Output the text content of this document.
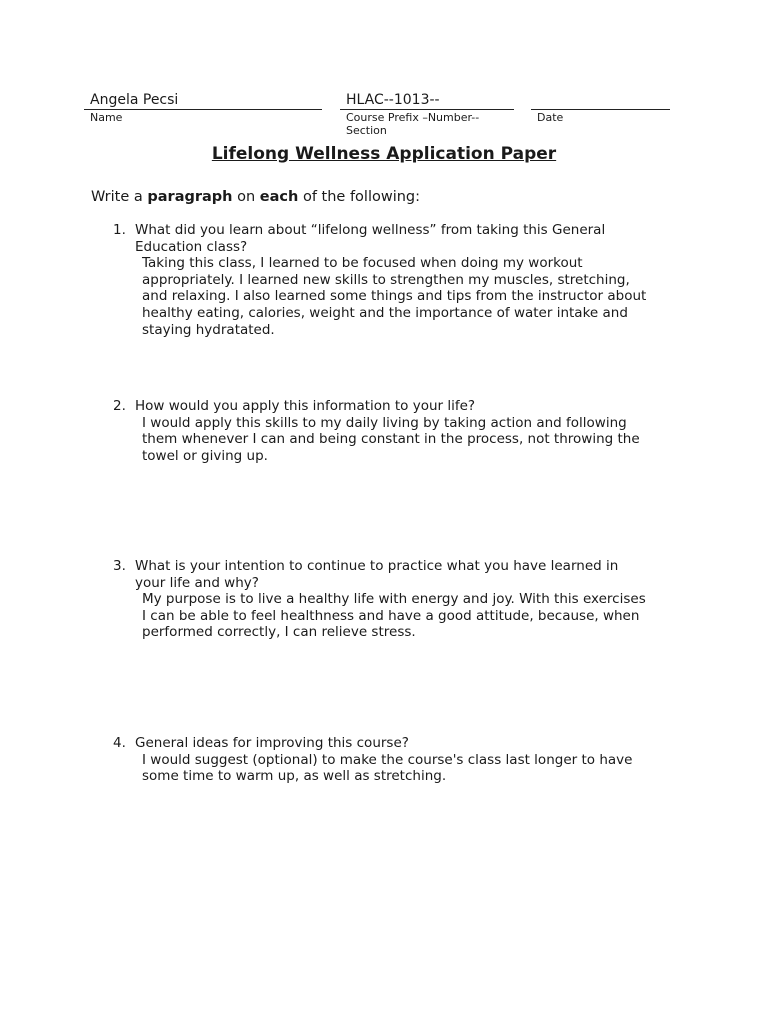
Angela Pecsi
Name
HLAC--1013--
Course Prefix –Number--
Section
Date
Lifelong Wellness Application Paper
Write a paragraph on each of the following:
1. What did you learn about “lifelong wellness” from taking this General
Education class?
Taking this class, I learned to be focused when doing my workout
appropriately. I learned new skills to strengthen my muscles, stretching,
and relaxing. I also learned some things and tips from the instructor about
healthy eating, calories, weight and the importance of water intake and
staying hydratated.
2. How would you apply this information to your life?
I would apply this skills to my daily living by taking action and following
them whenever I can and being constant in the process, not throwing the
towel or giving up.
3. What is your intention to continue to practice what you have learned in
your life and why?
My purpose is to live a healthy life with energy and joy. With this exercises
I can be able to feel healthness and have a good attitude, because, when
performed correctly, I can relieve stress.
4. General ideas for improving this course?
I would suggest (optional) to make the course's class last longer to have
some time to warm up, as well as stretching.
